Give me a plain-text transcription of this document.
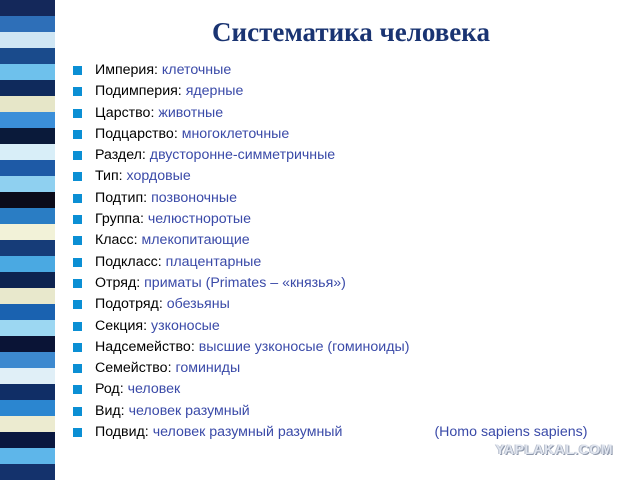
Систематика человека
Империя: клеточные
Подимперия: ядерные
Царство: животные
Подцарство: многоклеточные
Раздел: двусторонне-симметричные
Тип: хордовые
Подтип: позвоночные
Группа: челюстноротые
Класс: млекопитающие
Подкласс: плацентарные
Отряд: приматы (Primates – «князья»)
Подотряд: обезьяны
Секция: узконосые
Надсемейство: высшие узконосые (гоминоиды)
Семейство: гоминиды
Род: человек
Вид: человек разумный
Подвид: человек разумный разумный	(Homo sapiens sapiens)
YAPLAKAL.COM
